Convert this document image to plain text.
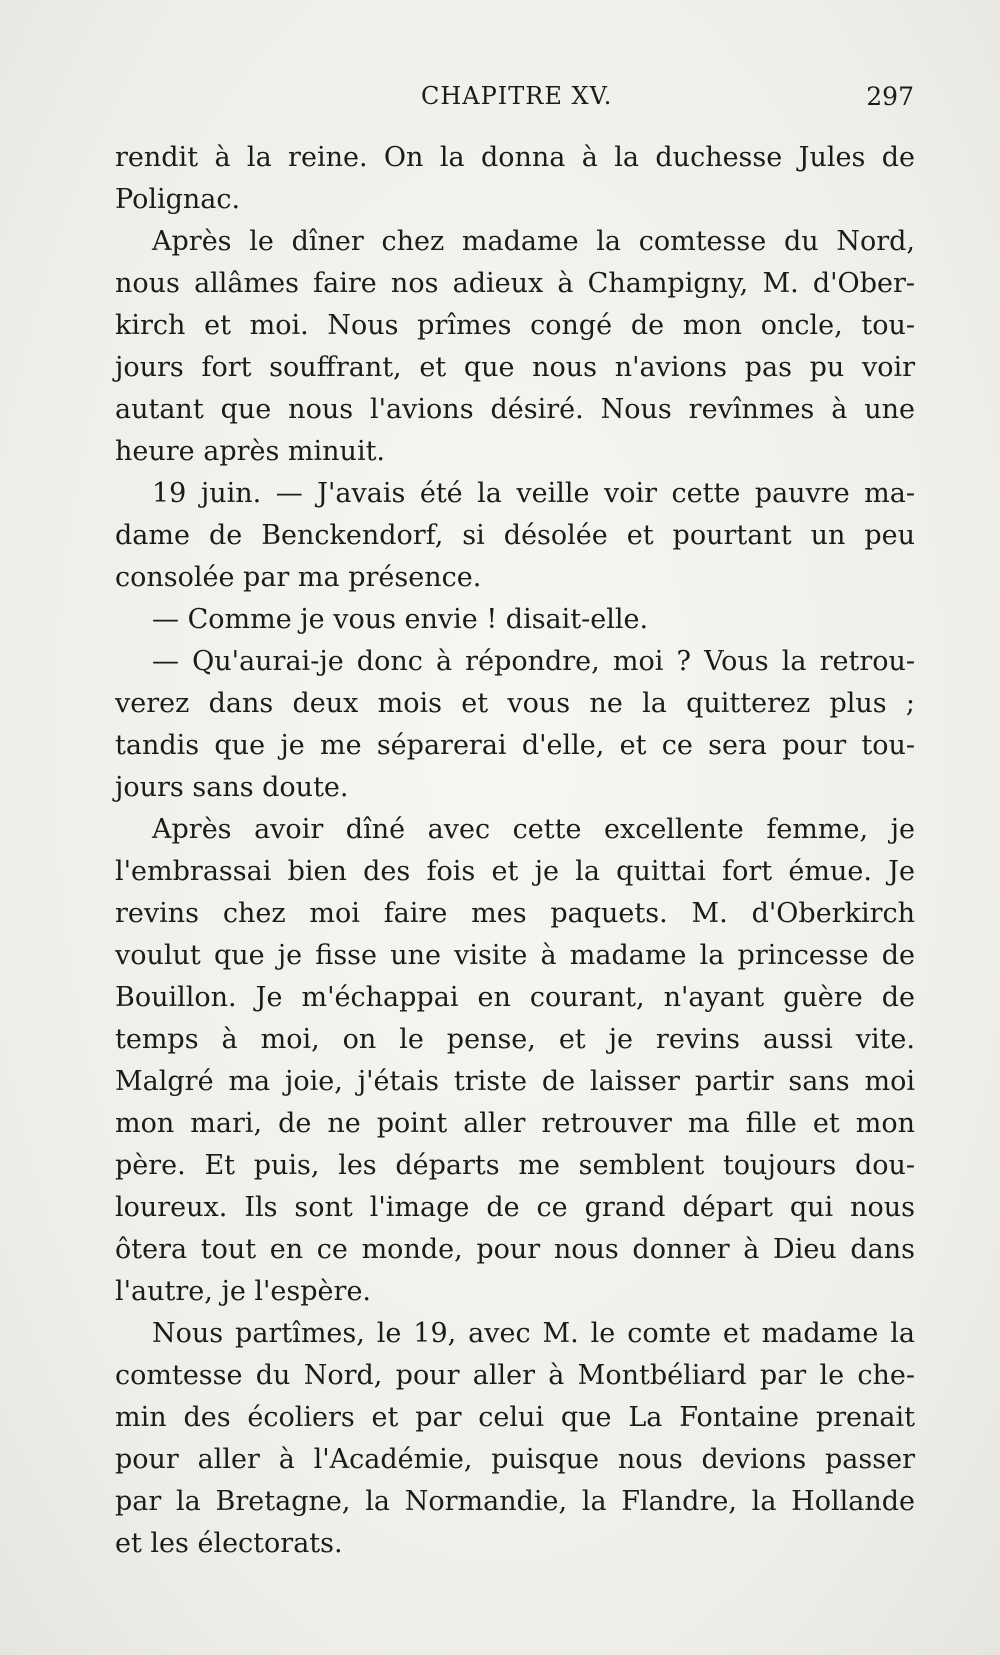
CHAPITRE XV.	297
rendit à la reine. On la donna à la duchesse Jules de
Polignac.
Après le dîner chez madame la comtesse du Nord,
nous allâmes faire nos adieux à Champigny, M. d'Ober-
kirch et moi. Nous prîmes congé de mon oncle, tou-
jours fort souffrant, et que nous n'avions pas pu voir
autant que nous l'avions désiré. Nous revînmes à une
heure après minuit.
19 juin. — J'avais été la veille voir cette pauvre ma-
dame de Benckendorf, si désolée et pourtant un peu
consolée par ma présence.
— Comme je vous envie ! disait-elle.
— Qu'aurai-je donc à répondre, moi ? Vous la retrou-
verez dans deux mois et vous ne la quitterez plus ;
tandis que je me séparerai d'elle, et ce sera pour tou-
jours sans doute.
Après avoir dîné avec cette excellente femme, je
l'embrassai bien des fois et je la quittai fort émue. Je
revins chez moi faire mes paquets. M. d'Oberkirch
voulut que je fisse une visite à madame la princesse de
Bouillon. Je m'échappai en courant, n'ayant guère de
temps à moi, on le pense, et je revins aussi vite.
Malgré ma joie, j'étais triste de laisser partir sans moi
mon mari, de ne point aller retrouver ma fille et mon
père. Et puis, les départs me semblent toujours dou-
loureux. Ils sont l'image de ce grand départ qui nous
ôtera tout en ce monde, pour nous donner à Dieu dans
l'autre, je l'espère.
Nous partîmes, le 19, avec M. le comte et madame la
comtesse du Nord, pour aller à Montbéliard par le che-
min des écoliers et par celui que La Fontaine prenait
pour aller à l'Académie, puisque nous devions passer
par la Bretagne, la Normandie, la Flandre, la Hollande
et les électorats.
